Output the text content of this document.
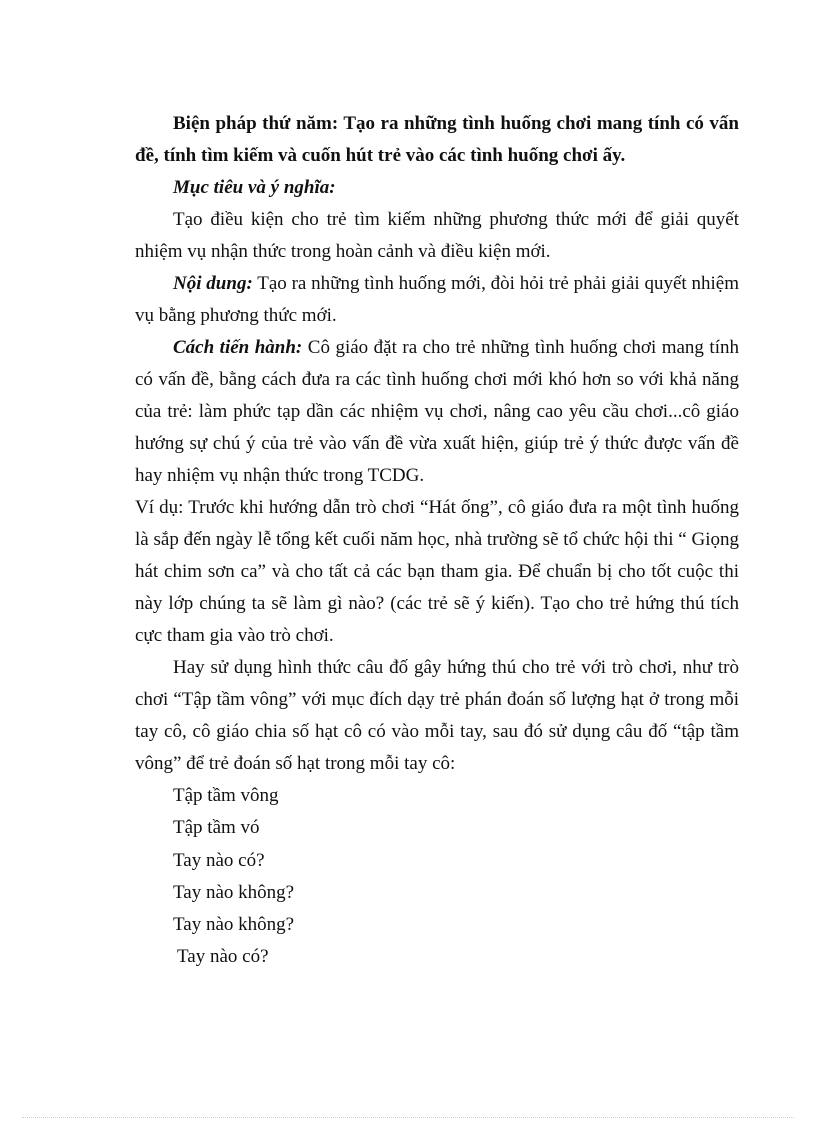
Biện pháp thứ năm: Tạo ra những tình huống chơi mang tính có vấn đề, tính tìm kiếm và cuốn hút trẻ vào các tình huống chơi ấy.

Mục tiêu và ý nghĩa:

Tạo điều kiện cho trẻ tìm kiếm những phương thức mới để giải quyết nhiệm vụ nhận thức trong hoàn cảnh và điều kiện mới.

Nội dung: Tạo ra những tình huống mới, đòi hỏi trẻ phải giải quyết nhiệm vụ bằng phương thức mới.

Cách tiến hành: Cô giáo đặt ra cho trẻ những tình huống chơi mang tính có vấn đề, bằng cách đưa ra các tình huống chơi mới khó hơn so với khả năng của trẻ: làm phức tạp dần các nhiệm vụ chơi, nâng cao yêu cầu chơi...cô giáo hướng sự chú ý của trẻ vào vấn đề vừa xuất hiện, giúp trẻ ý thức được vấn đề hay nhiệm vụ nhận thức trong TCDG.

Ví dụ: Trước khi hướng dẫn trò chơi “Hát ống”, cô giáo đưa ra một tình huống là sắp đến ngày lễ tổng kết cuối năm học, nhà trường sẽ tổ chức hội thi “ Giọng hát chim sơn ca” và cho tất cả các bạn tham gia. Để chuẩn bị cho tốt cuộc thi này lớp chúng ta sẽ làm gì nào? (các trẻ sẽ ý kiến). Tạo cho trẻ hứng thú tích cực tham gia vào trò chơi.

Hay sử dụng hình thức câu đố gây hứng thú cho trẻ với trò chơi, như trò chơi “Tập tầm vông” với mục đích dạy trẻ phán đoán số lượng hạt ở trong mỗi tay cô, cô giáo chia số hạt cô có vào mỗi tay, sau đó sử dụng câu đố “tập tầm vông” để trẻ đoán số hạt trong mỗi tay cô:

Tập tầm vông

Tập tầm vó

Tay nào có?

Tay nào không?

Tay nào không?

Tay nào có?
